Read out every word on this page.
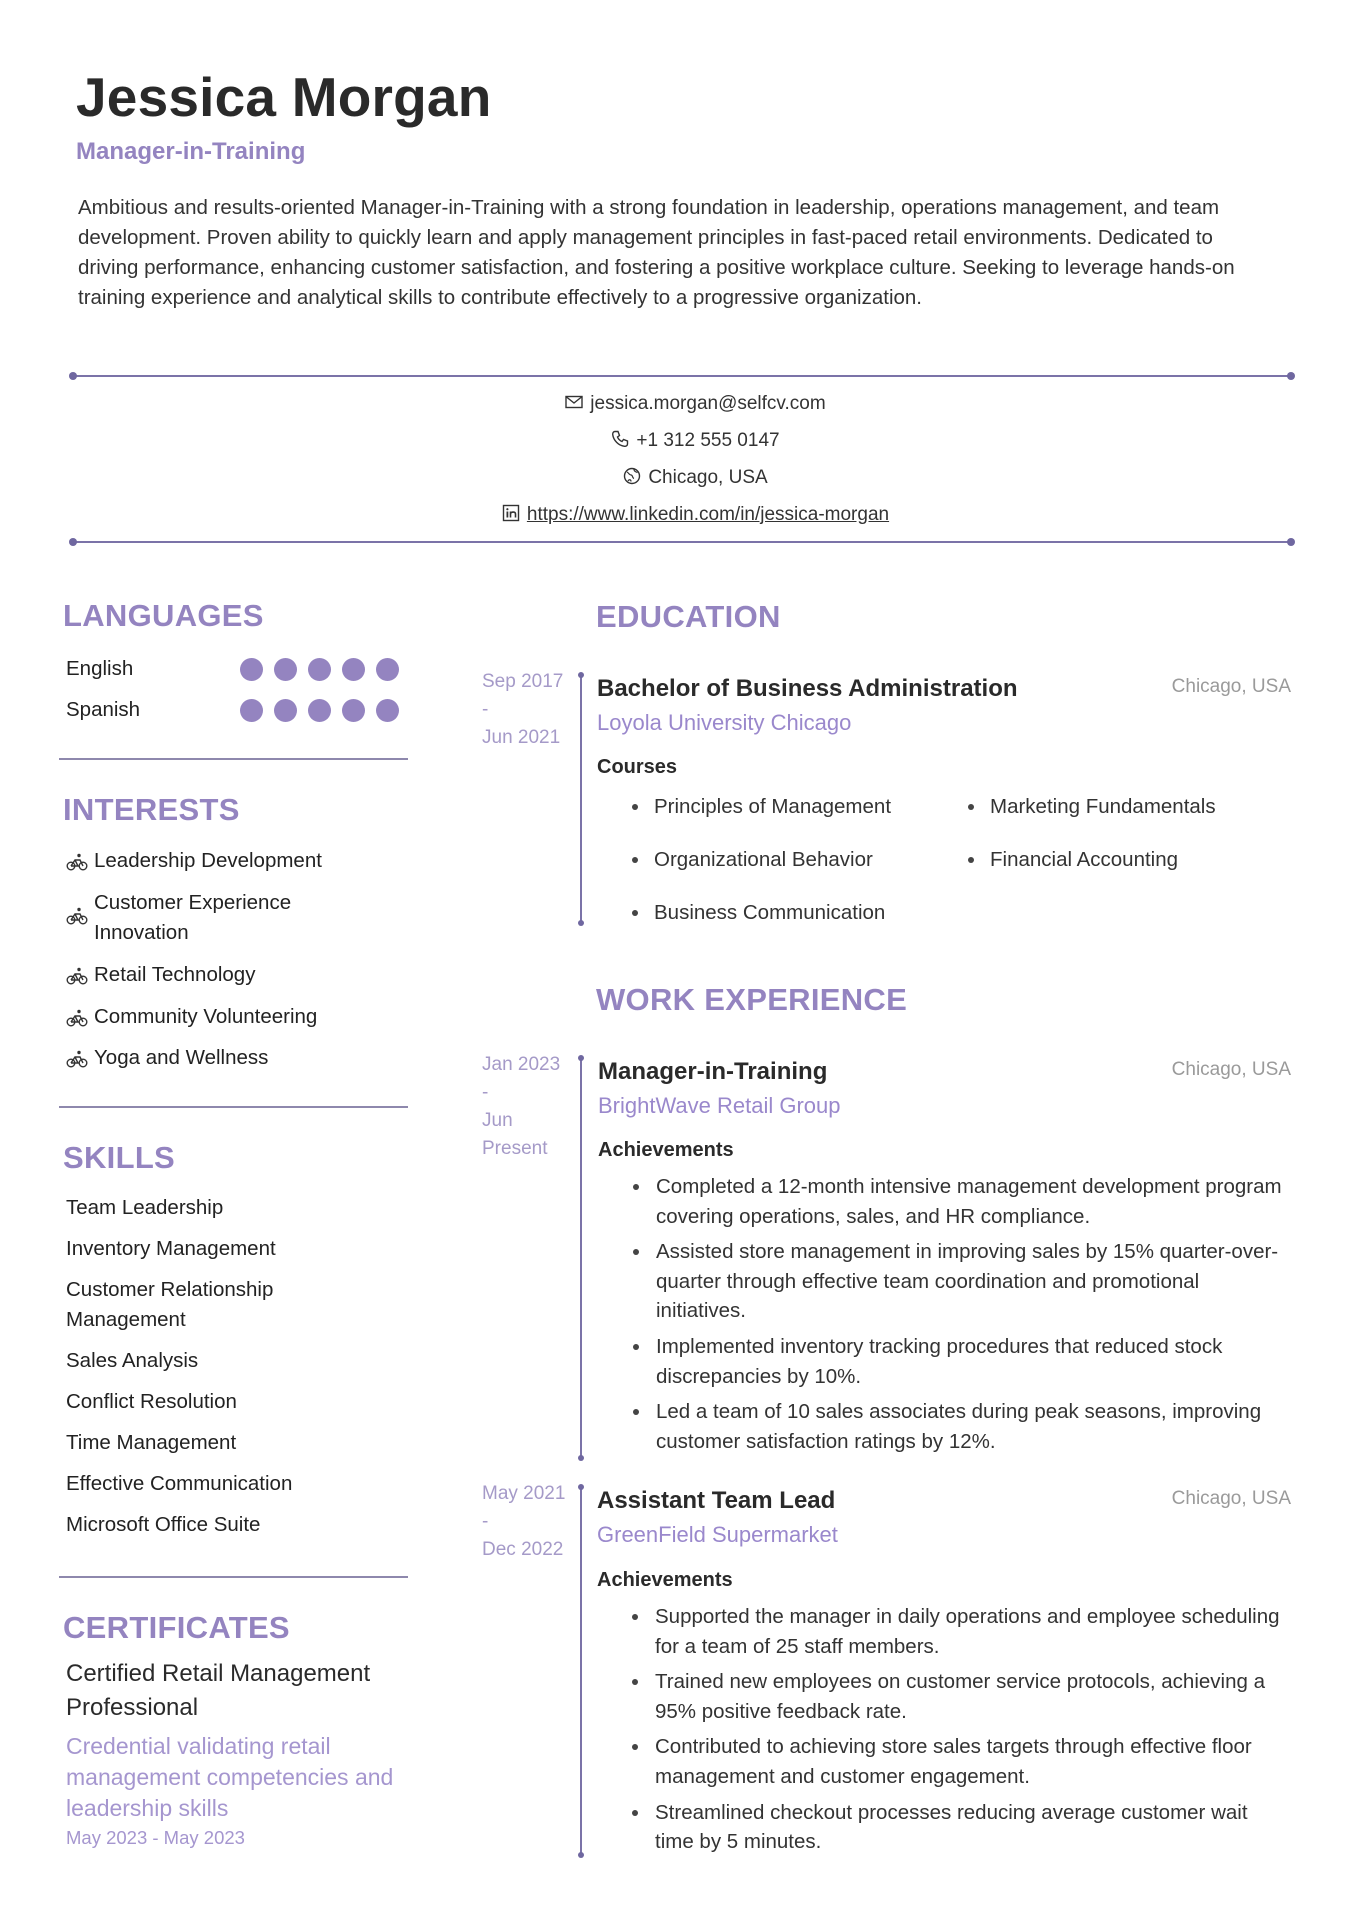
Jessica Morgan
Manager-in-Training

Ambitious and results-oriented Manager-in-Training with a strong foundation in leadership, operations management, and team development. Proven ability to quickly learn and apply management principles in fast-paced retail environments. Dedicated to driving performance, enhancing customer satisfaction, and fostering a positive workplace culture. Seeking to leverage hands-on training experience and analytical skills to contribute effectively to a progressive organization.

jessica.morgan@selfcv.com
+1 312 555 0147
Chicago, USA
https://www.linkedin.com/in/jessica-morgan
LANGUAGES
English
Spanish
INTERESTS
Leadership Development
Customer Experience Innovation
Retail Technology
Community Volunteering
Yoga and Wellness
SKILLS
Team Leadership
Inventory Management
Customer Relationship Management
Sales Analysis
Conflict Resolution
Time Management
Effective Communication
Microsoft Office Suite
CERTIFICATES
Certified Retail Management Professional
Credential validating retail management competencies and leadership skills
May 2023 - May 2023
EDUCATION
Sep 2017
-
Jun 2021
Bachelor of Business Administration	Chicago, USA
Loyola University Chicago
Courses
Principles of Management	Marketing Fundamentals
Organizational Behavior	Financial Accounting
Business Communication
WORK EXPERIENCE
Jan 2023
-
Jun
Present
Manager-in-Training	Chicago, USA
BrightWave Retail Group
Achievements
Completed a 12-month intensive management development program covering operations, sales, and HR compliance.
Assisted store management in improving sales by 15% quarter-over-quarter through effective team coordination and promotional initiatives.
Implemented inventory tracking procedures that reduced stock discrepancies by 10%.
Led a team of 10 sales associates during peak seasons, improving customer satisfaction ratings by 12%.
May 2021
-
Dec 2022
Assistant Team Lead	Chicago, USA
GreenField Supermarket
Achievements
Supported the manager in daily operations and employee scheduling for a team of 25 staff members.
Trained new employees on customer service protocols, achieving a 95% positive feedback rate.
Contributed to achieving store sales targets through effective floor management and customer engagement.
Streamlined checkout processes reducing average customer wait time by 5 minutes.
